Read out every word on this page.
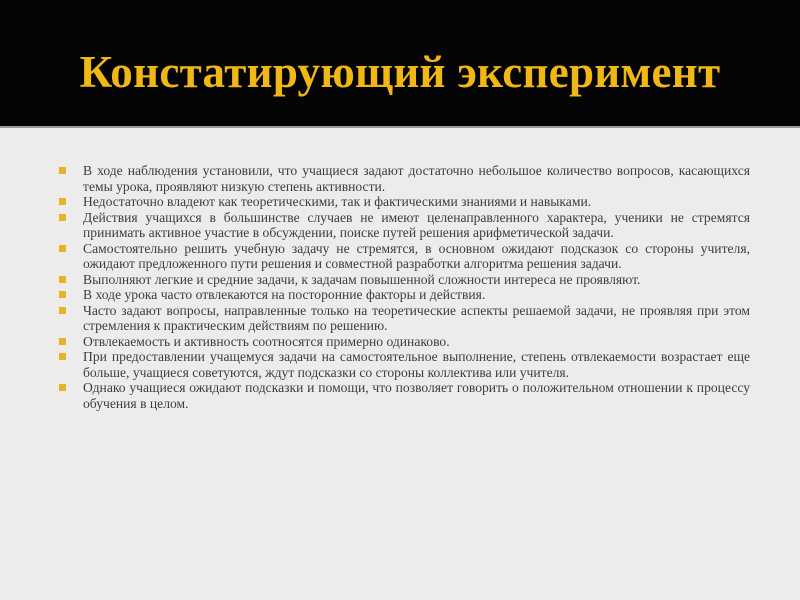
Констатирующий эксперимент
В ходе наблюдения установили, что учащиеся задают достаточно небольшое количество вопросов, касающихся темы урока, проявляют низкую степень активности.
Недостаточно владеют как теоретическими, так и фактическими знаниями и навыками.
Действия учащихся в большинстве случаев не имеют целенаправленного характера, ученики не стремятся принимать активное участие в обсуждении, поиске путей решения арифметической задачи.
Самостоятельно решить учебную задачу не стремятся, в основном ожидают подсказок со стороны учителя, ожидают предложенного пути решения и совместной разработки алгоритма решения задачи.
Выполняют легкие и средние задачи, к задачам повышенной сложности интереса не проявляют.
В ходе урока часто отвлекаются на посторонние факторы и действия.
Часто задают вопросы, направленные только на теоретические аспекты решаемой задачи, не проявляя при этом стремления к практическим действиям по решению.
Отвлекаемость и активность соотносятся примерно одинаково.
При предоставлении учащемуся задачи на самостоятельное выполнение, степень отвлекаемости возрастает еще больше, учащиеся советуются, ждут подсказки со стороны коллектива или учителя.
Однако учащиеся ожидают подсказки и помощи, что позволяет говорить о положительном отношении к процессу обучения в целом.
